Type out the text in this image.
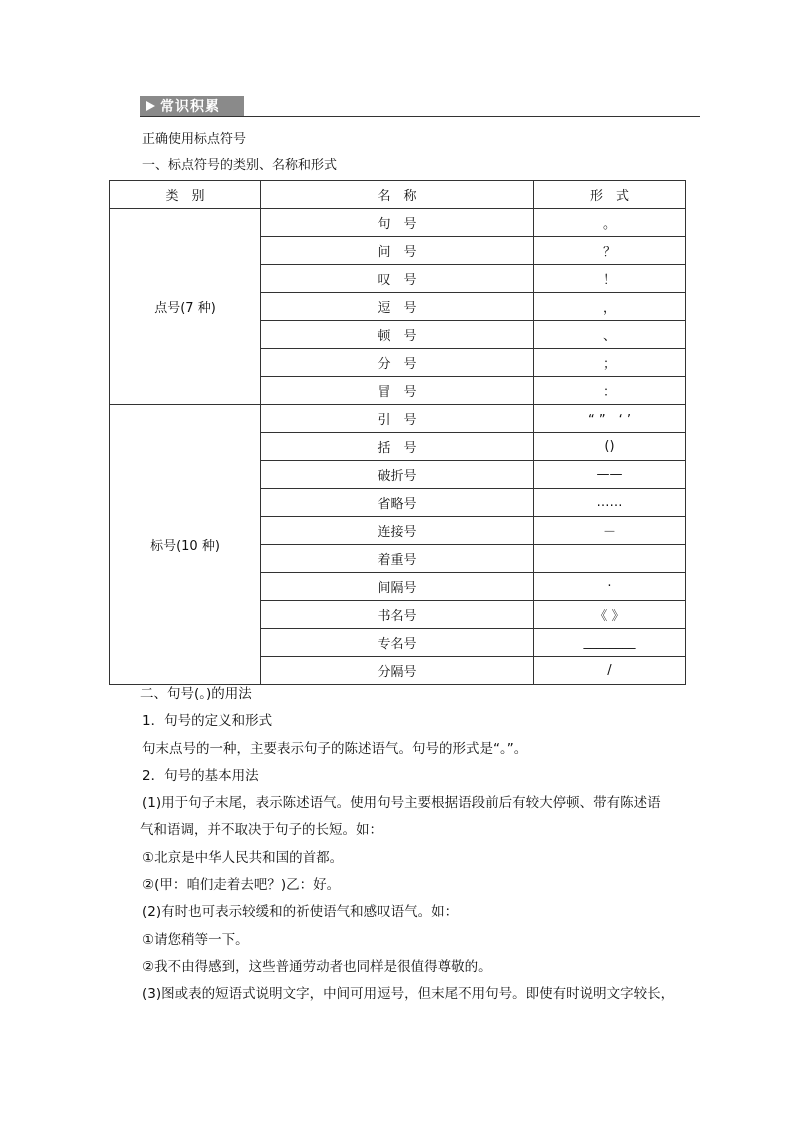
常识积累
正确使用标点符号
一、标点符号的类别、名称和形式
类　别	名　称	形　式
点号(7 种)	句　号	。
	问　号	？
	叹　号	！
	逗　号	，
	顿　号	、
	分　号	；
	冒　号	：
标号(10 种)	引　号	“ ”　‘ ’
	括　号	()
	破折号	——
	省略号	……
	连接号	－
	着重号	
	间隔号	·
	书名号	《 》
	专名号	________
	分隔号	/

二、句号(。)的用法

1．句号的定义和形式

句末点号的一种，主要表示句子的陈述语气。句号的形式是“。”。

2．句号的基本用法

(1)用于句子末尾，表示陈述语气。使用句号主要根据语段前后有较大停顿、带有陈述语

气和语调，并不取决于句子的长短。如：

①北京是中华人民共和国的首都。

②(甲：咱们走着去吧？)乙：好。

(2)有时也可表示较缓和的祈使语气和感叹语气。如：

①请您稍等一下。

②我不由得感到，这些普通劳动者也同样是很值得尊敬的。

(3)图或表的短语式说明文字，中间可用逗号，但末尾不用句号。即使有时说明文字较长，
